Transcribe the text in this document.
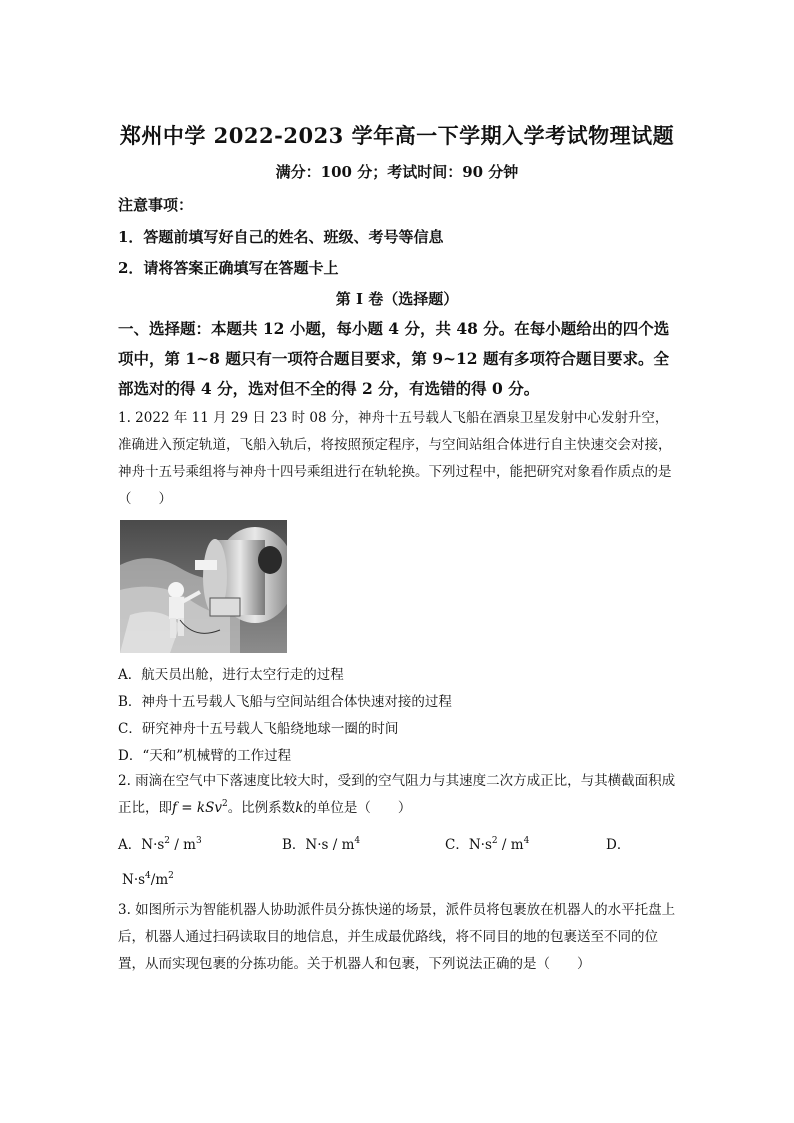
郑州中学 2022-2023 学年高一下学期入学考试物理试题
满分：100 分；考试时间：90 分钟
注意事项：
1．答题前填写好自己的姓名、班级、考号等信息
2．请将答案正确填写在答题卡上
第 I 卷（选择题）
一、选择题：本题共 12 小题，每小题 4 分，共 48 分。在每小题给出的四个选项中，第 1~8 题只有一项符合题目要求，第 9~12 题有多项符合题目要求。全部选对的得 4 分，选对但不全的得 2 分，有选错的得 0 分。
1. 2022 年 11 月 29 日 23 时 08 分，神舟十五号载人飞船在酒泉卫星发射中心发射升空，准确进入预定轨道，飞船入轨后，将按照预定程序，与空间站组合体进行自主快速交会对接，神舟十五号乘组将与神舟十四号乘组进行在轨轮换。下列过程中，能把研究对象看作质点的是（　　）
A．航天员出舱，进行太空行走的过程
B．神舟十五号载人飞船与空间站组合体快速对接的过程
C．研究神舟十五号载人飞船绕地球一圈的时间
D．“天和”机械臂的工作过程
2. 雨滴在空气中下落速度比较大时，受到的空气阻力与其速度二次方成正比，与其横截面积成正比，即f = kSv$^2$。比例系数k的单位是（　　）
A．$N\cdot s^2 / m^3$	B．$N\cdot s / m^4$	C．$N\cdot s^2 / m^4$	D．
$N\cdot s^4/m^2$
3. 如图所示为智能机器人协助派件员分拣快递的场景，派件员将包裹放在机器人的水平托盘上后，机器人通过扫码读取目的地信息，并生成最优路线，将不同目的地的包裹送至不同的位置，从而实现包裹的分拣功能。关于机器人和包裹，下列说法正确的是（　　）
